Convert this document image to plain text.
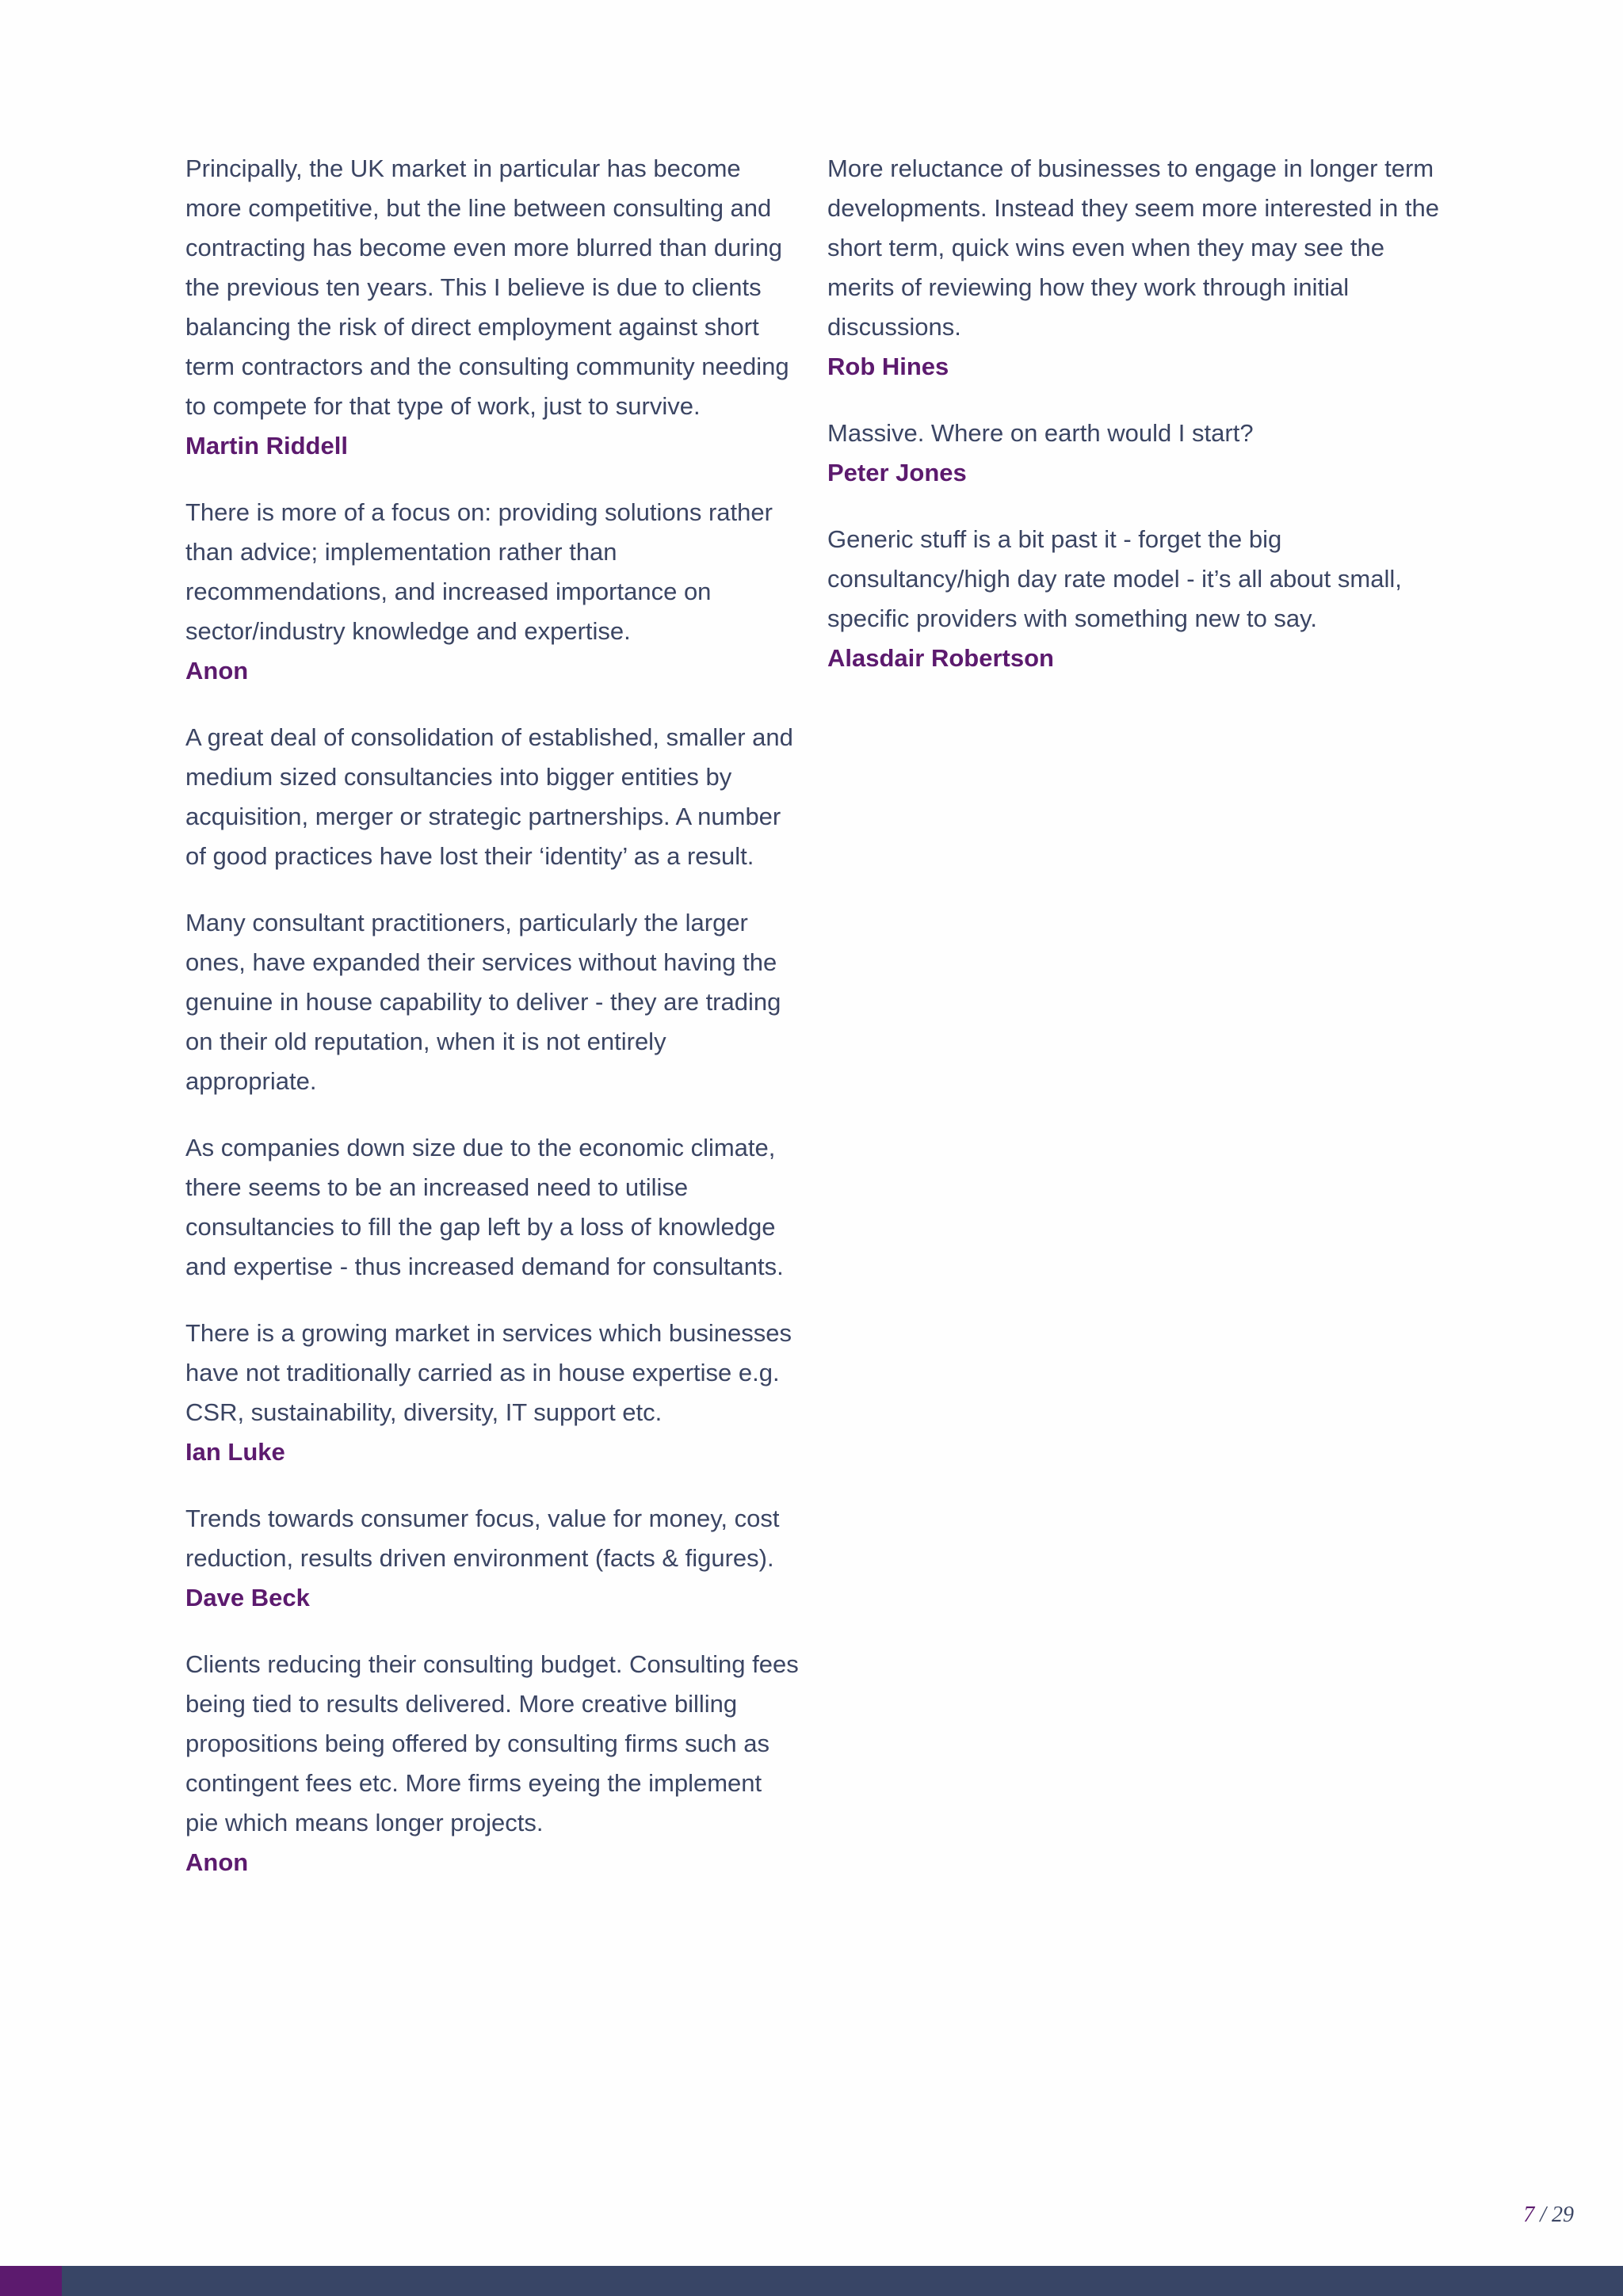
Principally, the UK market in particular has become more competitive, but the line between consulting and contracting has become even more blurred than during the previous ten years. This I believe is due to clients balancing the risk of direct employment against short term contractors and the consulting community needing to compete for that type of work, just to survive.

Martin Riddell

There is more of a focus on: providing solutions rather than advice; implementation rather than recommendations, and increased importance on sector/industry knowledge and expertise.

Anon

A great deal of consolidation of established, smaller and medium sized consultancies into bigger entities by acquisition, merger or strategic partnerships. A number of good practices have lost their ‘identity’ as a result.

Many consultant practitioners, particularly the larger ones, have expanded their services without having the genuine in house capability to deliver - they are trading on their old reputation, when it is not entirely appropriate.

As companies down size due to the economic climate, there seems to be an increased need to utilise consultancies to fill the gap left by a loss of knowledge and expertise - thus increased demand for consultants.

There is a growing market in services which businesses have not traditionally carried as in house expertise e.g. CSR, sustainability, diversity, IT support etc.

Ian Luke

Trends towards consumer focus, value for money, cost reduction, results driven environment (facts & figures).

Dave Beck

Clients reducing their consulting budget. Consulting fees being tied to results delivered. More creative billing propositions being offered by consulting firms such as contingent fees etc. More firms eyeing the implement pie which means longer projects.

Anon

More reluctance of businesses to engage in longer term developments. Instead they seem more interested in the short term, quick wins even when they may see the merits of reviewing how they work through initial discussions.

Rob Hines

Massive. Where on earth would I start?

Peter Jones

Generic stuff is a bit past it - forget the big consultancy/high day rate model - it’s all about small, specific providers with something new to say.

Alasdair Robertson
7 / 29
